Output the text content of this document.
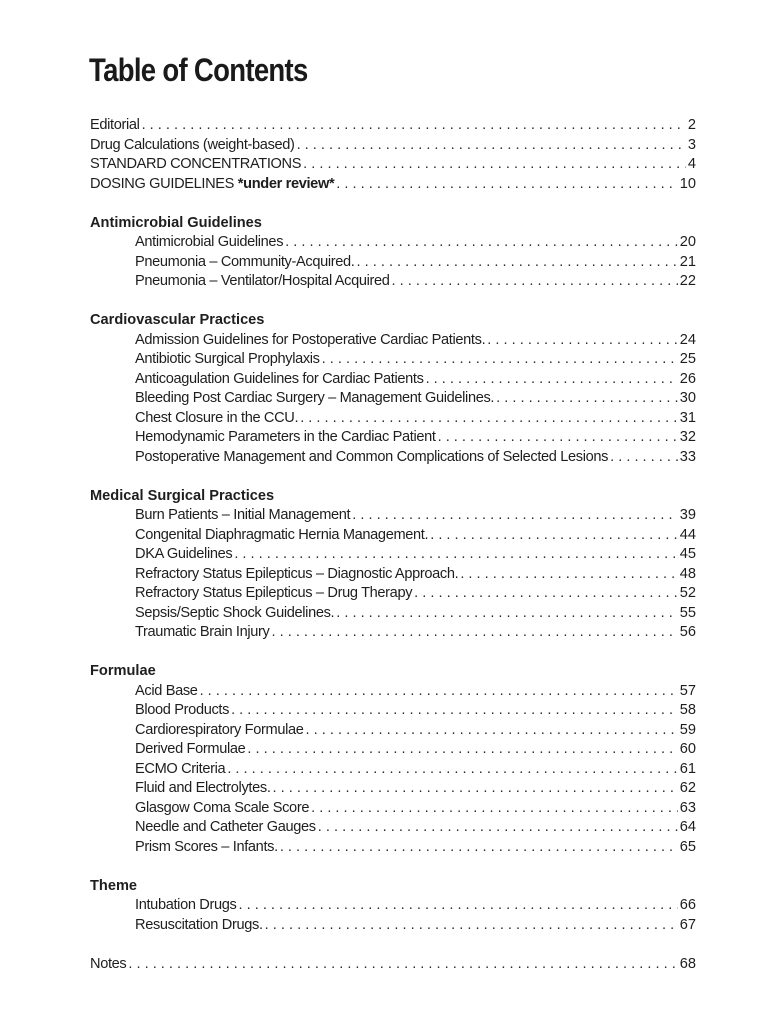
Table of Contents
Editorial . . .	2
Drug Calculations (weight-based) . . .	3
STANDARD CONCENTRATIONS . . .	4
DOSING GUIDELINES *under review* . . .	10
Antimicrobial Guidelines
Antimicrobial Guidelines . . .	20
Pneumonia – Community-Acquired. . . .	21
Pneumonia – Ventilator/Hospital Acquired . . .	22
Cardiovascular Practices
Admission Guidelines for Postoperative Cardiac Patients. . . .	24
Antibiotic Surgical Prophylaxis . . .	25
Anticoagulation Guidelines for Cardiac Patients . . .	26
Bleeding Post Cardiac Surgery – Management Guidelines. . . .	30
Chest Closure in the CCU. . . .	31
Hemodynamic Parameters in the Cardiac Patient . . .	32
Postoperative Management and Common Complications of Selected Lesions . . .	33
Medical Surgical Practices
Burn Patients – Initial Management . . .	39
Congenital Diaphragmatic Hernia Management. . . .	44
DKA Guidelines . . .	45
Refractory Status Epilepticus – Diagnostic Approach. . . .	48
Refractory Status Epilepticus – Drug Therapy . . .	52
Sepsis/Septic Shock Guidelines. . . .	55
Traumatic Brain Injury . . .	56
Formulae
Acid Base . . .	57
Blood Products . . .	58
Cardiorespiratory Formulae . . .	59
Derived Formulae . . .	60
ECMO Criteria . . .	61
Fluid and Electrolytes. . . .	62
Glasgow Coma Scale Score . . .	63
Needle and Catheter Gauges . . .	64
Prism Scores – Infants. . . .	65
Theme
Intubation Drugs . . .	66
Resuscitation Drugs. . . .	67
Notes . . .	68
